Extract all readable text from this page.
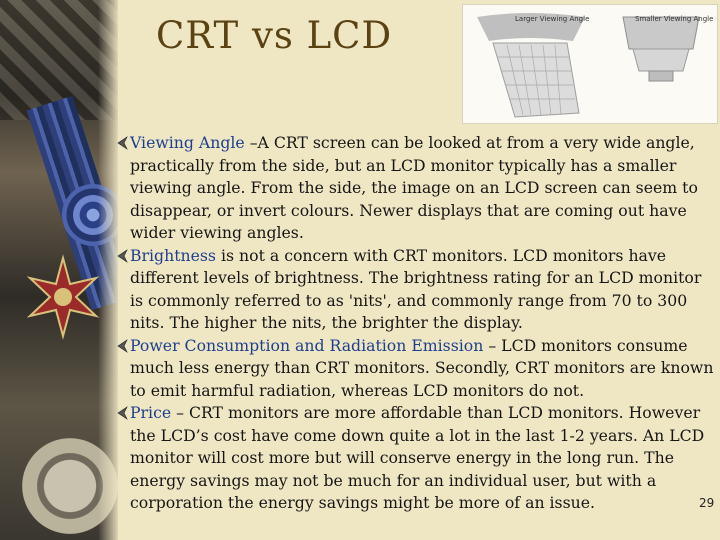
CRT vs LCD	Larger Viewing Angle	Smaller Viewing Angle

Viewing Angle –A CRT screen can be looked at from a very wide angle, practically from the side, but an LCD monitor typically has a smaller viewing angle. From the side, the image on an LCD screen can seem to disappear, or invert colours. Newer displays that are coming out have wider viewing angles.

Brightness is not a concern with CRT monitors. LCD monitors have different levels of brightness. The brightness rating for an LCD monitor is commonly referred to as 'nits', and commonly range from 70 to 300 nits. The higher the nits, the brighter the display.

Power Consumption and Radiation Emission – LCD monitors consume much less energy than CRT monitors. Secondly, CRT monitors are known to emit harmful radiation, whereas LCD monitors do not.

Price – CRT monitors are more affordable than LCD monitors. However the LCD’s cost have come down quite a lot in the last 1-2 years. An LCD monitor will cost more but will conserve energy in the long run. The energy savings may not be much for an individual user, but with a corporation the energy savings might be more of an issue.	29
